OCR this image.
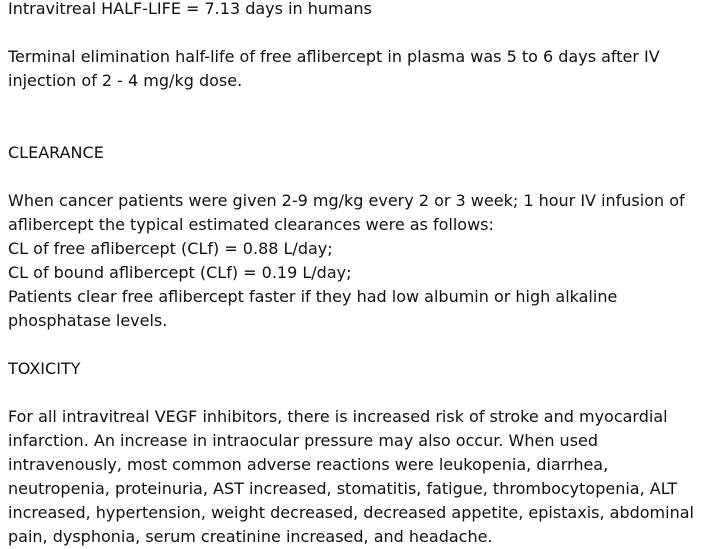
Intravitreal HALF-LIFE = 7.13 days in humans
Terminal elimination half-life of free aflibercept in plasma was 5 to 6 days after IV
injection of 2 - 4 mg/kg dose.
CLEARANCE
When cancer patients were given 2-9 mg/kg every 2 or 3 week; 1 hour IV infusion of
aflibercept the typical estimated clearances were as follows:
CL of free aflibercept (CLf) = 0.88 L/day;
CL of bound aflibercept (CLf) = 0.19 L/day;
Patients clear free aflibercept faster if they had low albumin or high alkaline
phosphatase levels.
TOXICITY
For all intravitreal VEGF inhibitors, there is increased risk of stroke and myocardial
infarction. An increase in intraocular pressure may also occur. When used
intravenously, most common adverse reactions were leukopenia, diarrhea,
neutropenia, proteinuria, AST increased, stomatitis, fatigue, thrombocytopenia, ALT
increased, hypertension, weight decreased, decreased appetite, epistaxis, abdominal
pain, dysphonia, serum creatinine increased, and headache.
